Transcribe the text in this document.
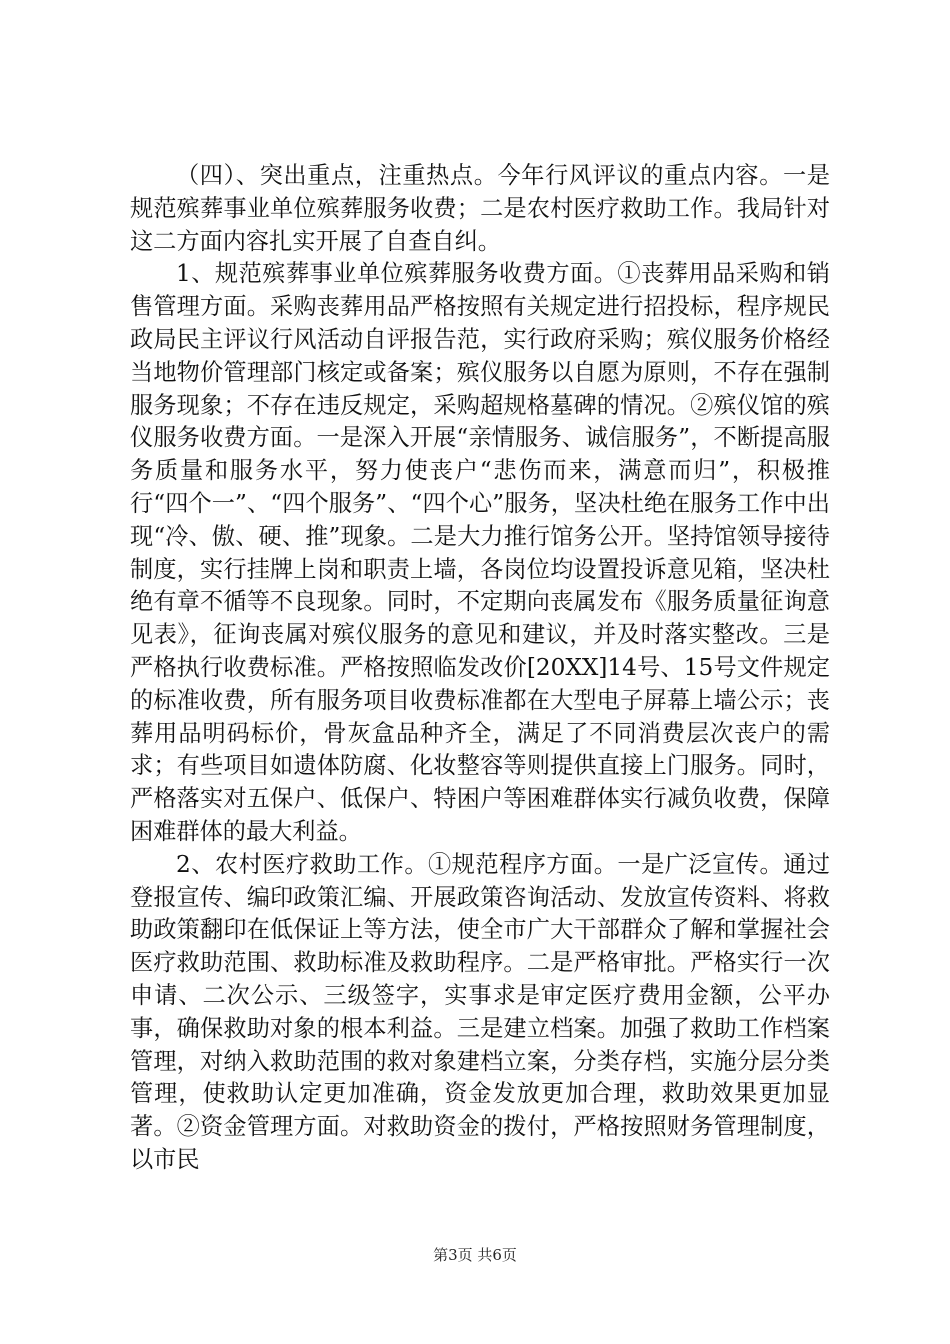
（四）、突出重点，注重热点。今年行风评议的重点内容。一是规范殡葬事业单位殡葬服务收费；二是农村医疗救助工作。我局针对这二方面内容扎实开展了自查自纠。

1、规范殡葬事业单位殡葬服务收费方面。①丧葬用品采购和销售管理方面。采购丧葬用品严格按照有关规定进行招投标，程序规民政局民主评议行风活动自评报告范，实行政府采购；殡仪服务价格经当地物价管理部门核定或备案；殡仪服务以自愿为原则，不存在强制服务现象；不存在违反规定，采购超规格墓碑的情况。②殡仪馆的殡仪服务收费方面。一是深入开展“亲情服务、诚信服务”，不断提高服务质量和服务水平，努力使丧户“悲伤而来，满意而归”，积极推行“四个一”、“四个服务”、“四个心”服务，坚决杜绝在服务工作中出现“冷、傲、硬、推”现象。二是大力推行馆务公开。坚持馆领导接待制度，实行挂牌上岗和职责上墙，各岗位均设置投诉意见箱，坚决杜绝有章不循等不良现象。同时，不定期向丧属发布《服务质量征询意见表》，征询丧属对殡仪服务的意见和建议，并及时落实整改。三是严格执行收费标准。严格按照临发改价[20XX]14号、15号文件规定的标准收费，所有服务项目收费标准都在大型电子屏幕上墙公示；丧葬用品明码标价，骨灰盒品种齐全，满足了不同消费层次丧户的需求；有些项目如遗体防腐、化妆整容等则提供直接上门服务。同时，严格落实对五保户、低保户、特困户等困难群体实行减负收费，保障困难群体的最大利益。

2、农村医疗救助工作。①规范程序方面。一是广泛宣传。通过登报宣传、编印政策汇编、开展政策咨询活动、发放宣传资料、将救助政策翻印在低保证上等方法，使全市广大干部群众了解和掌握社会医疗救助范围、救助标准及救助程序。二是严格审批。严格实行一次申请、二次公示、三级签字，实事求是审定医疗费用金额，公平办事，确保救助对象的根本利益。三是建立档案。加强了救助工作档案管理，对纳入救助范围的救对象建档立案，分类存档，实施分层分类管理，使救助认定更加准确，资金发放更加合理，救助效果更加显著。②资金管理方面。对救助资金的拨付，严格按照财务管理制度，以市民

第3页 共6页
